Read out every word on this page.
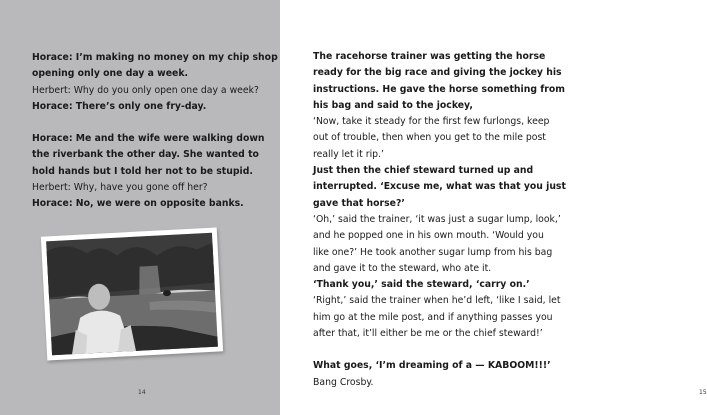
Horace: I’m making no money on my chip shop
opening only one day a week.
Herbert: Why do you only open one day a week?
Horace: There’s only one fry-day.
Horace: Me and the wife were walking down
the riverbank the other day. She wanted to
hold hands but I told her not to be stupid.
Herbert: Why, have you gone off her?
Horace: No, we were on opposite banks.
14	15
The racehorse trainer was getting the horse
ready for the big race and giving the jockey his
instructions. He gave the horse something from
his bag and said to the jockey,
‘Now, take it steady for the first few furlongs, keep
out of trouble, then when you get to the mile post
really let it rip.’
Just then the chief steward turned up and
interrupted. ‘Excuse me, what was that you just
gave that horse?’
‘Oh,’ said the trainer, ‘it was just a sugar lump, look,’
and he popped one in his own mouth. ‘Would you
like one?’ He took another sugar lump from his bag
and gave it to the steward, who ate it.
‘Thank you,’ said the steward, ‘carry on.’
‘Right,’ said the trainer when he’d left, ‘like I said, let
him go at the mile post, and if anything passes you
after that, it’ll either be me or the chief steward!’
What goes, ‘I’m dreaming of a — KABOOM!!!’
Bang Crosby.
